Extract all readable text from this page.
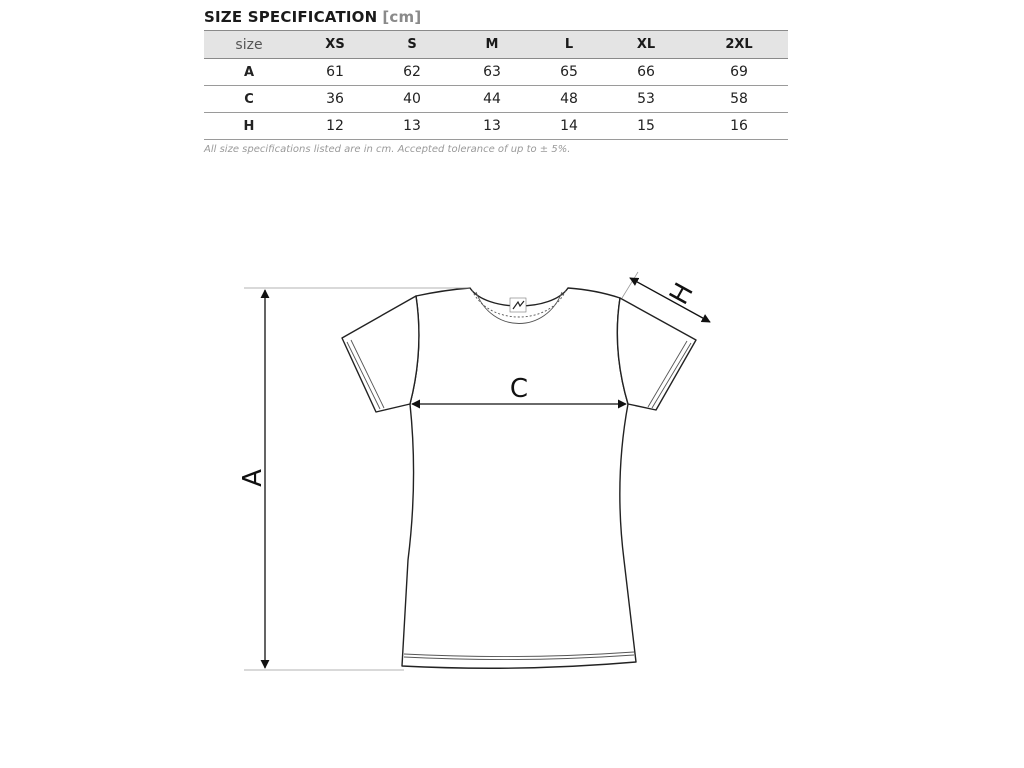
SIZE SPECIFICATION [cm]
size	XS	S	M	L	XL	2XL
A	61	62	63	65	66	69
C	36	40	44	48	53	58
H	12	13	13	14	15	16
All size specifications listed are in cm. Accepted tolerance of up to ± 5%.
A
C
H
